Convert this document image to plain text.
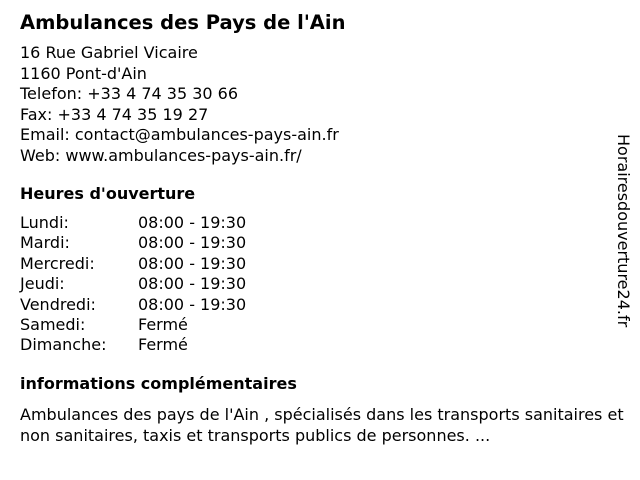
Ambulances des Pays de l'Ain
16 Rue Gabriel Vicaire
1160 Pont-d'Ain
Telefon: +33 4 74 35 30 66
Fax: +33 4 74 35 19 27
Email: contact@ambulances-pays-ain.fr
Web: www.ambulances-pays-ain.fr/
Heures d'ouverture
Lundi:	08:00 - 19:30
Mardi:	08:00 - 19:30
Mercredi:	08:00 - 19:30
Jeudi:	08:00 - 19:30
Vendredi:	08:00 - 19:30
Samedi:	Fermé
Dimanche:	Fermé
informations complémentaires
Ambulances des pays de l'Ain , spécialisés dans les transports sanitaires et non sanitaires, taxis et transports publics de personnes. ...
Horairesdouverture24.fr
